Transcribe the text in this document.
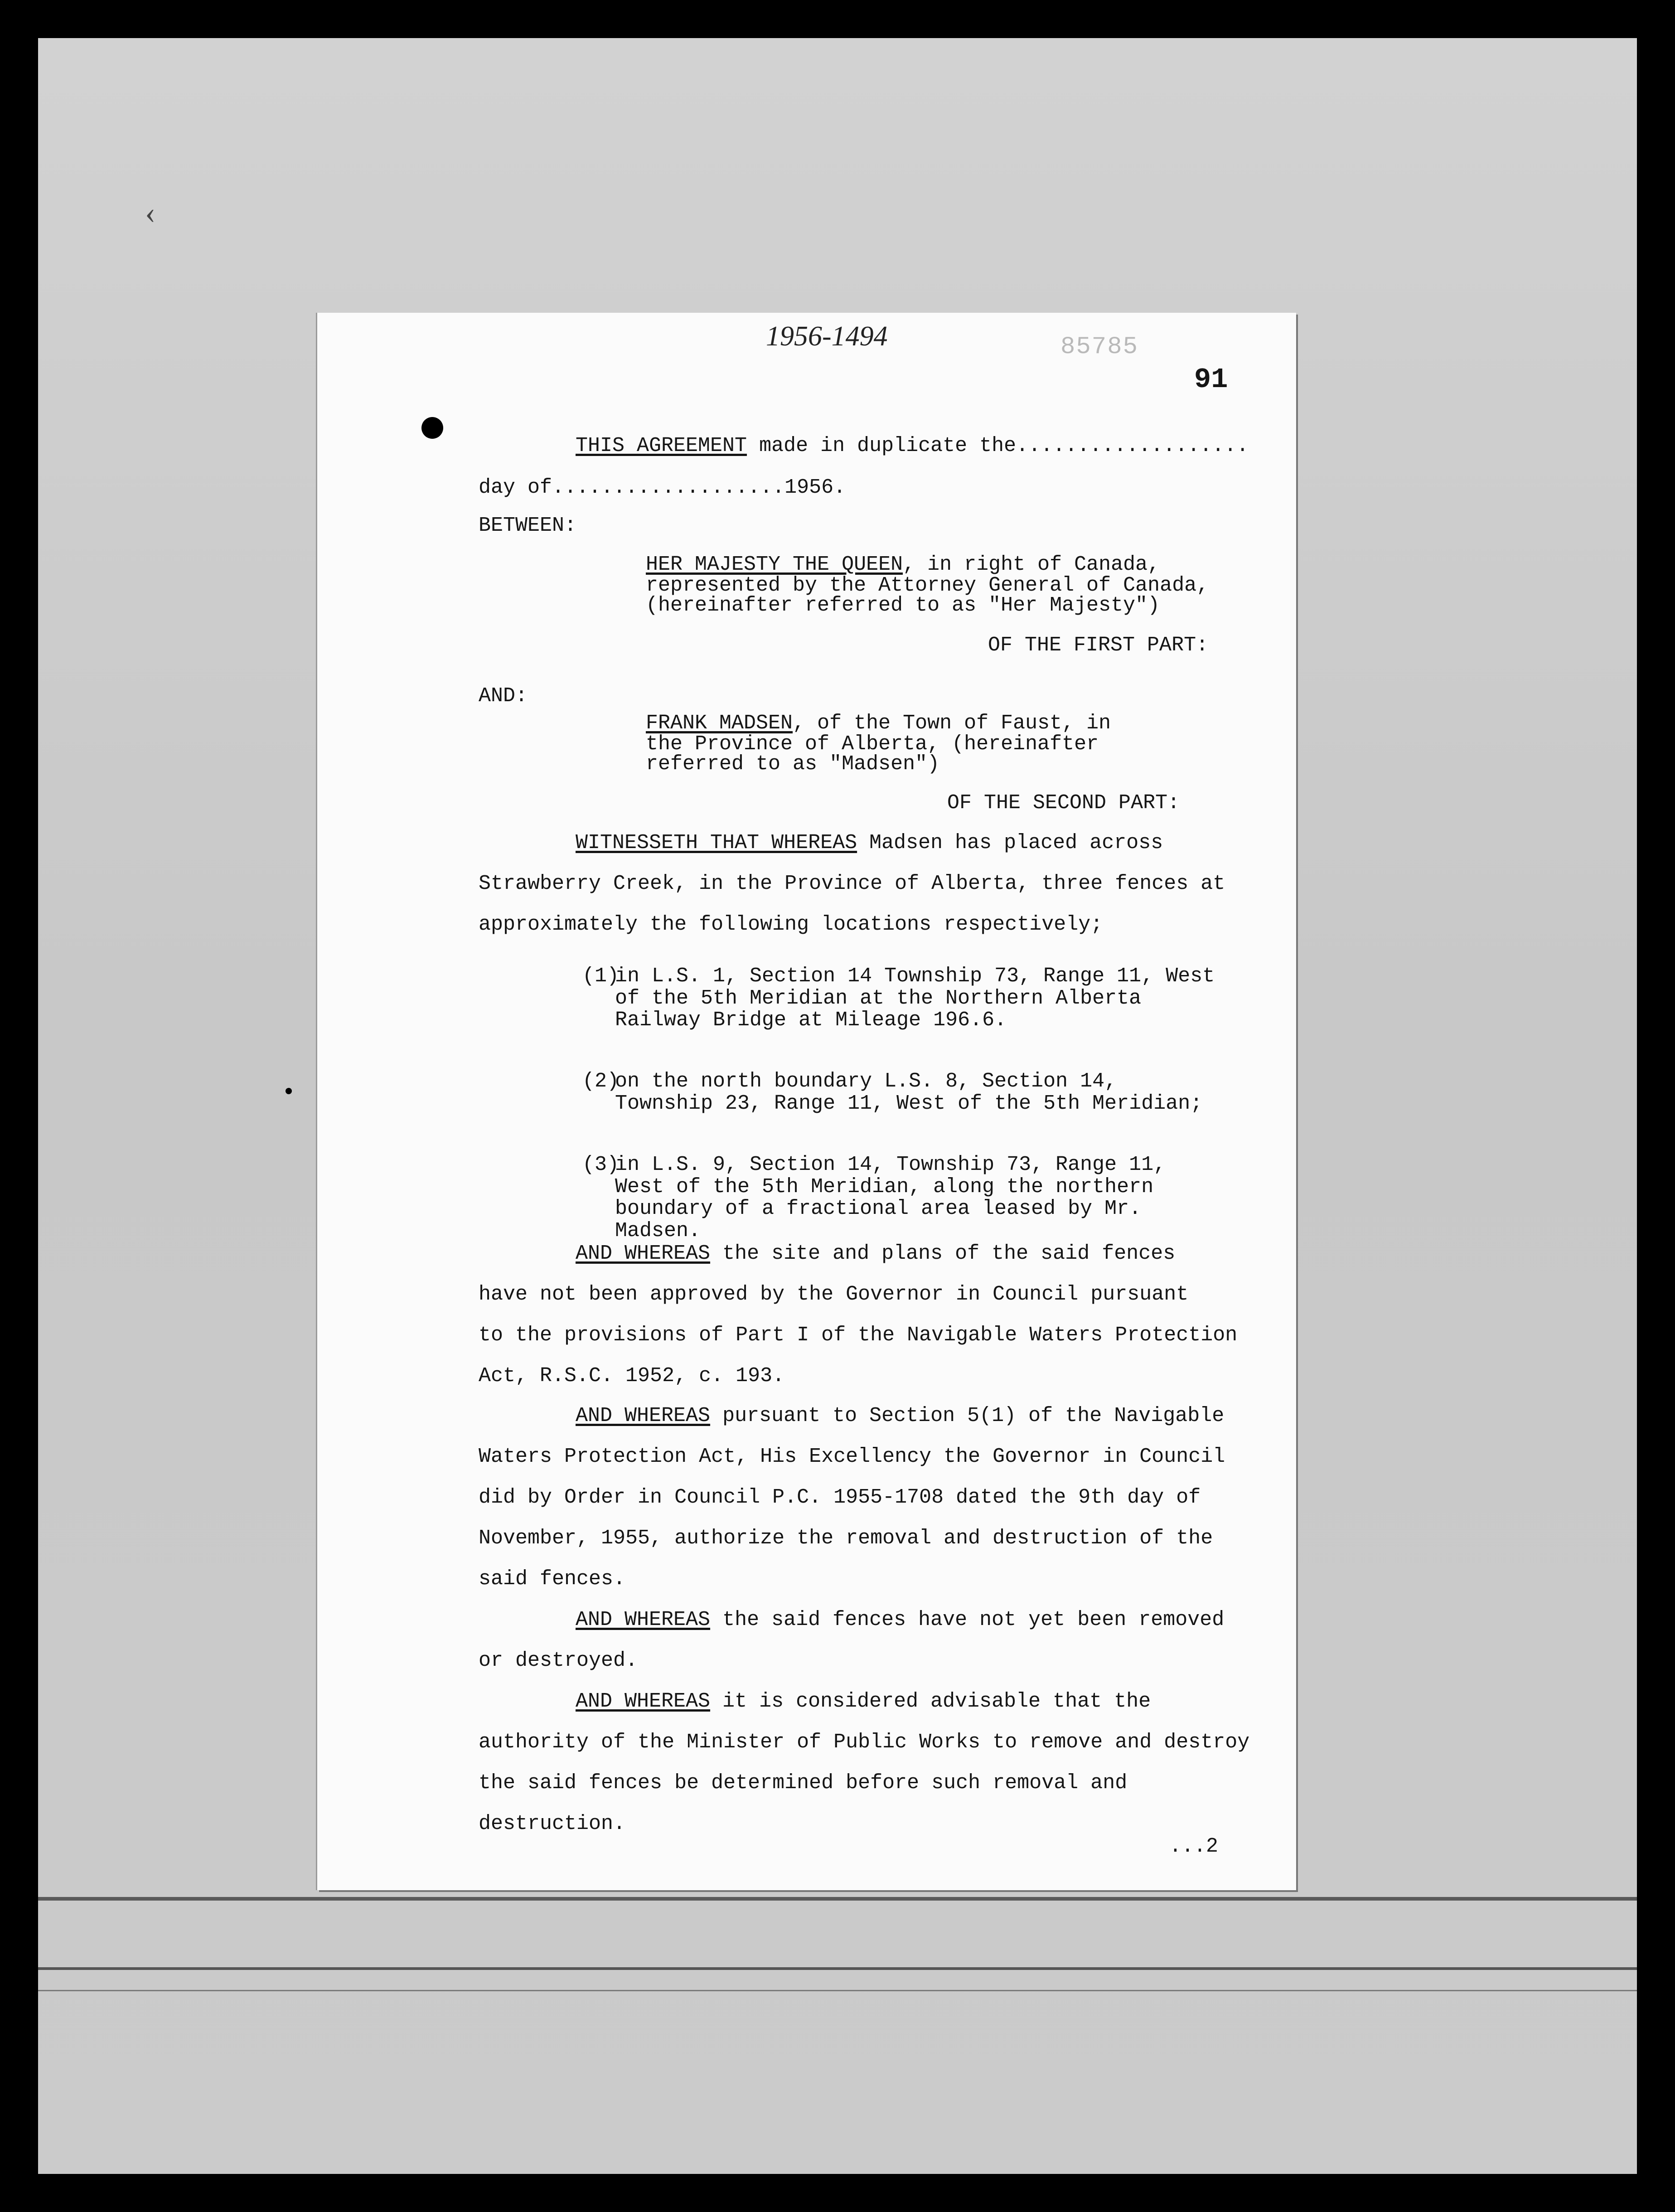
‹
1956-1494	85785
91
THIS AGREEMENT made in duplicate the...................
day of...................1956.
BETWEEN:
HER MAJESTY THE QUEEN, in right of Canada,
represented by the Attorney General of Canada,
(hereinafter referred to as "Her Majesty")
OF THE FIRST PART:
AND:
FRANK MADSEN, of the Town of Faust, in
the Province of Alberta, (hereinafter
referred to as "Madsen")
OF THE SECOND PART:
WITNESSETH THAT WHEREAS Madsen has placed across
Strawberry Creek, in the Province of Alberta, three fences at
approximately the following locations respectively;
(1)
in L.S. 1, Section 14 Township 73, Range 11, West of the 5th Meridian at the Northern Alberta Railway Bridge at Mileage 196.6.
(2)
on the north boundary L.S. 8, Section 14, Township 23, Range 11, West of the 5th Meridian;
(3)
in L.S. 9, Section 14, Township 73, Range 11, West of the 5th Meridian, along the northern boundary of a fractional area leased by Mr. Madsen.
AND WHEREAS the site and plans of the said fences
have not been approved by the Governor in Council pursuant
to the provisions of Part I of the Navigable Waters Protection
Act, R.S.C. 1952, c. 193.
AND WHEREAS pursuant to Section 5(1) of the Navigable
Waters Protection Act, His Excellency the Governor in Council
did by Order in Council P.C. 1955-1708 dated the 9th day of
November, 1955, authorize the removal and destruction of the
said fences.
AND WHEREAS the said fences have not yet been removed
or destroyed.
AND WHEREAS it is considered advisable that the
authority of the Minister of Public Works to remove and destroy
the said fences be determined before such removal and
destruction.
...2
